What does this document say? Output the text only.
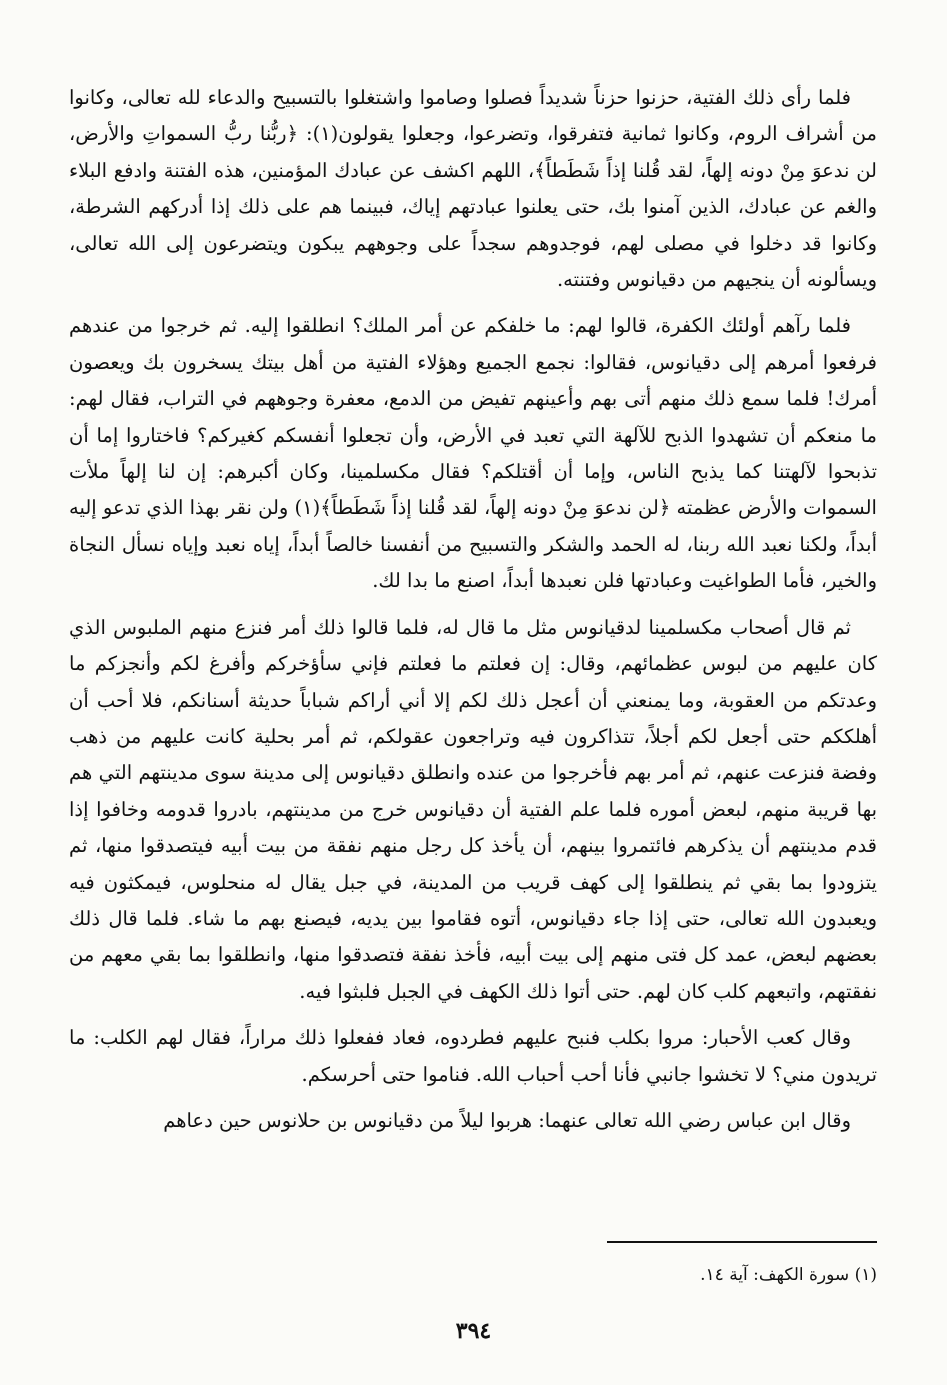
فلما رأى ذلك الفتية، حزنوا حزناً شديداً فصلوا وصاموا واشتغلوا بالتسبيح والدعاء لله تعالى، وكانوا من أشراف الروم، وكانوا ثمانية فتفرقوا، وتضرعوا، وجعلوا يقولون(١): ﴿ربُّنا ربُّ السمواتِ والأرض، لن ندعوَ مِنْ دونه إلهاً، لقد قُلنا إذاً شَطَطاً﴾، اللهم اكشف عن عبادك المؤمنين، هذه الفتنة وادفع البلاء والغم عن عبادك، الذين آمنوا بك، حتى يعلنوا عبادتهم إياك، فبينما هم على ذلك إذا أدركهم الشرطة، وكانوا قد دخلوا في مصلى لهم، فوجدوهم سجداً على وجوههم يبكون ويتضرعون إلى الله تعالى، ويسألونه أن ينجيهم من دقيانوس وفتنته.

فلما رآهم أولئك الكفرة، قالوا لهم: ما خلفكم عن أمر الملك؟ انطلقوا إليه. ثم خرجوا من عندهم فرفعوا أمرهم إلى دقيانوس، فقالوا: نجمع الجميع وهؤلاء الفتية من أهل بيتك يسخرون بك ويعصون أمرك! فلما سمع ذلك منهم أتى بهم وأعينهم تفيض من الدمع، معفرة وجوههم في التراب، فقال لهم: ما منعكم أن تشهدوا الذبح للآلهة التي تعبد في الأرض، وأن تجعلوا أنفسكم كغيركم؟ فاختاروا إما أن تذبحوا لآلهتنا كما يذبح الناس، وإما أن أقتلكم؟ فقال مكسلمينا، وكان أكبرهم: إن لنا إلهاً ملأت السموات والأرض عظمته ﴿لن ندعوَ مِنْ دونه إلهاً، لقد قُلنا إذاً شَطَطاً﴾(١) ولن نقر بهذا الذي تدعو إليه أبداً، ولكنا نعبد الله ربنا، له الحمد والشكر والتسبيح من أنفسنا خالصاً أبداً، إياه نعبد وإياه نسأل النجاة والخير، فأما الطواغيت وعبادتها فلن نعبدها أبداً، اصنع ما بدا لك.

ثم قال أصحاب مكسلمينا لدقيانوس مثل ما قال له، فلما قالوا ذلك أمر فنزع منهم الملبوس الذي كان عليهم من لبوس عظمائهم، وقال: إن فعلتم ما فعلتم فإني سأؤخركم وأفرغ لكم وأنجزكم ما وعدتكم من العقوبة، وما يمنعني أن أعجل ذلك لكم إلا أني أراكم شباباً حديثة أسنانكم، فلا أحب أن أهلككم حتى أجعل لكم أجلاً، تتذاكرون فيه وتراجعون عقولكم، ثم أمر بحلية كانت عليهم من ذهب وفضة فنزعت عنهم، ثم أمر بهم فأخرجوا من عنده وانطلق دقيانوس إلى مدينة سوى مدينتهم التي هم بها قريبة منهم، لبعض أموره فلما علم الفتية أن دقيانوس خرج من مدينتهم، بادروا قدومه وخافوا إذا قدم مدينتهم أن يذكرهم فائتمروا بينهم، أن يأخذ كل رجل منهم نفقة من بيت أبيه فيتصدقوا منها، ثم يتزودوا بما بقي ثم ينطلقوا إلى كهف قريب من المدينة، في جبل يقال له منحلوس، فيمكثون فيه ويعبدون الله تعالى، حتى إذا جاء دقيانوس، أتوه فقاموا بين يديه، فيصنع بهم ما شاء. فلما قال ذلك بعضهم لبعض، عمد كل فتى منهم إلى بيت أبيه، فأخذ نفقة فتصدقوا منها، وانطلقوا بما بقي معهم من نفقتهم، واتبعهم كلب كان لهم. حتى أتوا ذلك الكهف في الجبل فلبثوا فيه.

وقال كعب الأحبار: مروا بكلب فنبح عليهم فطردوه، فعاد ففعلوا ذلك مراراً، فقال لهم الكلب: ما تريدون مني؟ لا تخشوا جانبي فأنا أحب أحباب الله. فناموا حتى أحرسكم.

وقال ابن عباس رضي الله تعالى عنهما: هربوا ليلاً من دقيانوس بن حلانوس حين دعاهم

(١) سورة الكهف: آية ١٤.
٣٩٤
